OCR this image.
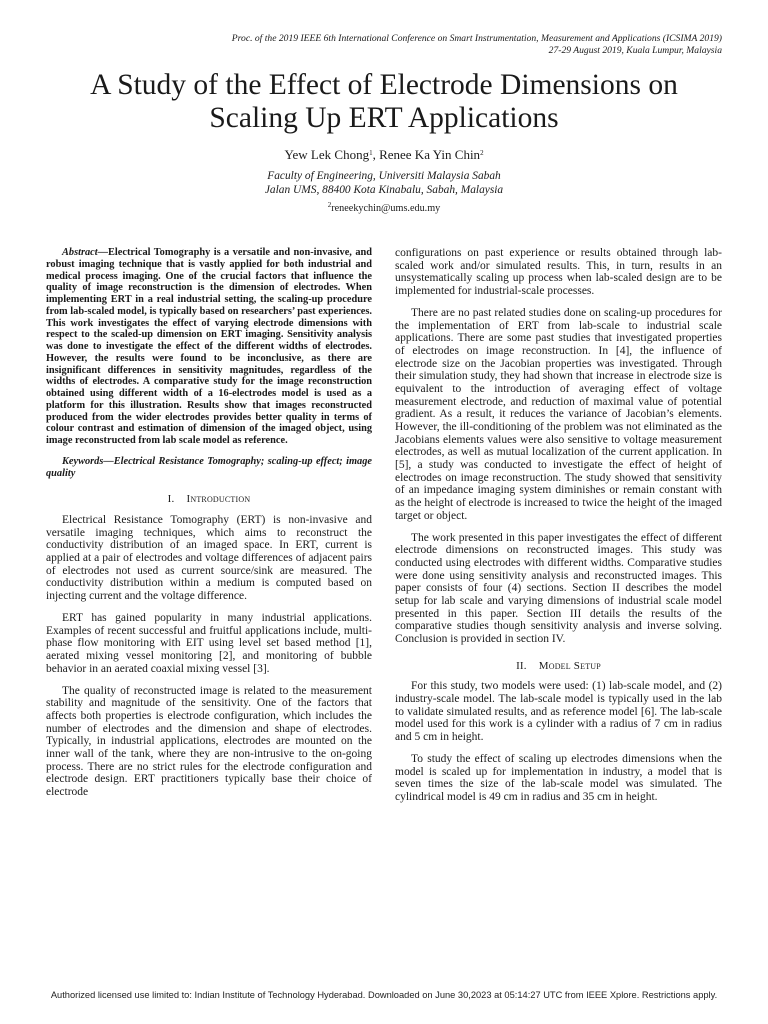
Proc. of the 2019 IEEE 6th International Conference on Smart Instrumentation, Measurement and Applications (ICSIMA 2019)
27-29 August 2019, Kuala Lumpur, Malaysia
A Study of the Effect of Electrode Dimensions on
Scaling Up ERT Applications
Yew Lek Chong$^1$, Renee Ka Yin Chin$^2$
Faculty of Engineering, Universiti Malaysia Sabah
Jalan UMS, 88400 Kota Kinabalu, Sabah, Malaysia
$^2$reneekychin@ums.edu.my

Abstract—Electrical Tomography is a versatile and non-invasive, and robust imaging technique that is vastly applied for both industrial and medical process imaging. One of the crucial factors that influence the quality of image reconstruction is the dimension of electrodes. When implementing ERT in a real industrial setting, the scaling-up procedure from lab-scaled model, is typically based on researchers’ past experiences. This work investigates the effect of varying electrode dimensions with respect to the scaled-up dimension on ERT imaging. Sensitivity analysis was done to investigate the effect of the different widths of electrodes. However, the results were found to be inconclusive, as there are insignificant differences in sensitivity magnitudes, regardless of the widths of electrodes. A comparative study for the image reconstruction obtained using different width of a 16-electrodes model is used as a platform for this illustration. Results show that images reconstructed produced from the wider electrodes provides better quality in terms of colour contrast and estimation of dimension of the imaged object, using image reconstructed from lab scale model as reference.

Keywords—Electrical Resistance Tomography; scaling-up effect; image quality

I. Introduction

Electrical Resistance Tomography (ERT) is non-invasive and versatile imaging techniques, which aims to reconstruct the conductivity distribution of an imaged space. In ERT, current is applied at a pair of electrodes and voltage differences of adjacent pairs of electrodes not used as current source/sink are measured. The conductivity distribution within a medium is computed based on injecting current and the voltage difference.

ERT has gained popularity in many industrial applications. Examples of recent successful and fruitful applications include, multi-phase flow monitoring with EIT using level set based method [1], aerated mixing vessel monitoring [2], and monitoring of bubble behavior in an aerated coaxial mixing vessel [3].

The quality of reconstructed image is related to the measurement stability and magnitude of the sensitivity. One of the factors that affects both properties is electrode configuration, which includes the number of electrodes and the dimension and shape of electrodes. Typically, in industrial applications, electrodes are mounted on the inner wall of the tank, where they are non-intrusive to the on-going process. There are no strict rules for the electrode configuration and electrode design. ERT practitioners typically base their choice of electrode

configurations on past experience or results obtained through lab-scaled work and/or simulated results. This, in turn, results in an unsystematically scaling up process when lab-scaled design are to be implemented for industrial-scale processes.

There are no past related studies done on scaling-up procedures for the implementation of ERT from lab-scale to industrial scale applications. There are some past studies that investigated properties of electrodes on image reconstruction. In [4], the influence of electrode size on the Jacobian properties was investigated. Through their simulation study, they had shown that increase in electrode size is equivalent to the introduction of averaging effect of voltage measurement electrode, and reduction of maximal value of potential gradient. As a result, it reduces the variance of Jacobian’s elements. However, the ill-conditioning of the problem was not eliminated as the Jacobians elements values were also sensitive to voltage measurement electrodes, as well as mutual localization of the current application. In [5], a study was conducted to investigate the effect of height of electrodes on image reconstruction. The study showed that sensitivity of an impedance imaging system diminishes or remain constant with as the height of electrode is increased to twice the height of the imaged target or object.

The work presented in this paper investigates the effect of different electrode dimensions on reconstructed images. This study was conducted using electrodes with different widths. Comparative studies were done using sensitivity analysis and reconstructed images. This paper consists of four (4) sections. Section II describes the model setup for lab scale and varying dimensions of industrial scale model presented in this paper. Section III details the results of the comparative studies though sensitivity analysis and inverse solving. Conclusion is provided in section IV.

II. Model Setup

For this study, two models were used: (1) lab-scale model, and (2) industry-scale model. The lab-scale model is typically used in the lab to validate simulated results, and as reference model [6]. The lab-scale model used for this work is a cylinder with a radius of 7 cm in radius and 5 cm in height.

To study the effect of scaling up electrodes dimensions when the model is scaled up for implementation in industry, a model that is seven times the size of the lab-scale model was simulated. The cylindrical model is 49 cm in radius and 35 cm in height.

Authorized licensed use limited to: Indian Institute of Technology Hyderabad. Downloaded on June 30,2023 at 05:14:27 UTC from IEEE Xplore. Restrictions apply.
